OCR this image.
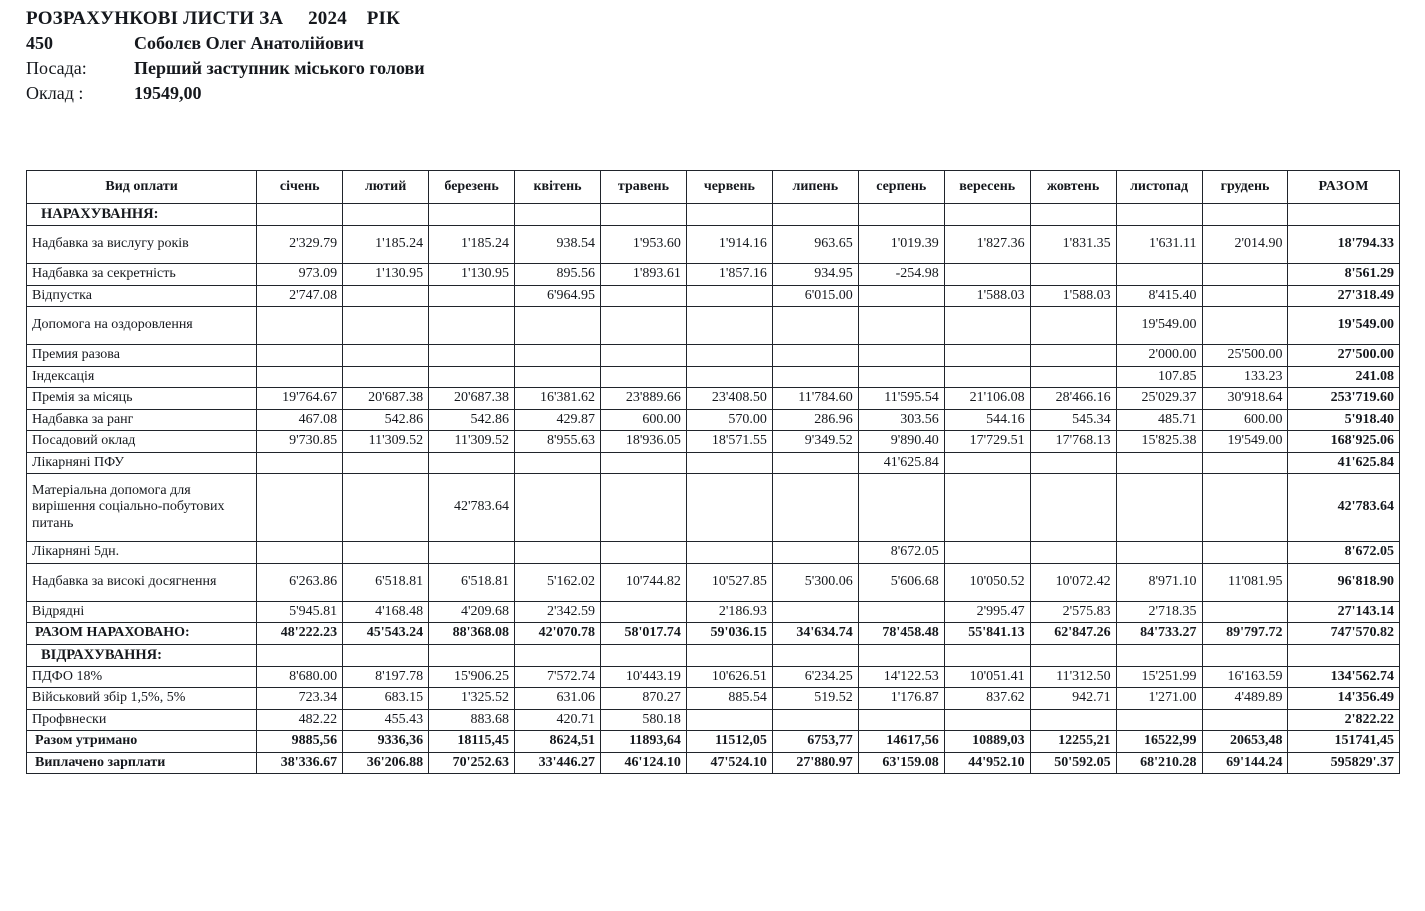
РОЗРАХУНКОВІ ЛИСТИ ЗА     2024    РІК
450	Соболєв Олег Анатолійович
Посада:	Перший заступник міського голови
Оклад :	19549,00
Вид оплати	січень	лютий	березень	квітень	травень	червень	липень	серпень	вересень	жовтень	листопад	грудень	РАЗОМ
НАРАХУВАННЯ:													
Надбавка за вислугу років	2'329.79	1'185.24	1'185.24	938.54	1'953.60	1'914.16	963.65	1'019.39	1'827.36	1'831.35	1'631.11	2'014.90	18'794.33
Надбавка за секретність	973.09	1'130.95	1'130.95	895.56	1'893.61	1'857.16	934.95	-254.98					8'561.29
Відпустка	2'747.08			6'964.95			6'015.00		1'588.03	1'588.03	8'415.40		27'318.49
Допомога на оздоровлення											19'549.00		19'549.00
Премия разова											2'000.00	25'500.00	27'500.00
Індексація											107.85	133.23	241.08
Премія за місяць	19'764.67	20'687.38	20'687.38	16'381.62	23'889.66	23'408.50	11'784.60	11'595.54	21'106.08	28'466.16	25'029.37	30'918.64	253'719.60
Надбавка за ранг	467.08	542.86	542.86	429.87	600.00	570.00	286.96	303.56	544.16	545.34	485.71	600.00	5'918.40
Посадовий оклад	9'730.85	11'309.52	11'309.52	8'955.63	18'936.05	18'571.55	9'349.52	9'890.40	17'729.51	17'768.13	15'825.38	19'549.00	168'925.06
Лікарняні ПФУ								41'625.84					41'625.84
Матеріальна допомога для вирішення соціально-побутових питань			42'783.64										42'783.64
Лікарняні 5дн.								8'672.05					8'672.05
Надбавка за високі досягнення	6'263.86	6'518.81	6'518.81	5'162.02	10'744.82	10'527.85	5'300.06	5'606.68	10'050.52	10'072.42	8'971.10	11'081.95	96'818.90
Відрядні	5'945.81	4'168.48	4'209.68	2'342.59		2'186.93			2'995.47	2'575.83	2'718.35		27'143.14
РАЗОМ НАРАХОВАНО:	48'222.23	45'543.24	88'368.08	42'070.78	58'017.74	59'036.15	34'634.74	78'458.48	55'841.13	62'847.26	84'733.27	89'797.72	747'570.82
ВІДРАХУВАННЯ:													
ПДФО 18%	8'680.00	8'197.78	15'906.25	7'572.74	10'443.19	10'626.51	6'234.25	14'122.53	10'051.41	11'312.50	15'251.99	16'163.59	134'562.74
Військовий збір 1,5%, 5%	723.34	683.15	1'325.52	631.06	870.27	885.54	519.52	1'176.87	837.62	942.71	1'271.00	4'489.89	14'356.49
Профвнески	482.22	455.43	883.68	420.71	580.18								2'822.22
Разом утримано	9885,56	9336,36	18115,45	8624,51	11893,64	11512,05	6753,77	14617,56	10889,03	12255,21	16522,99	20653,48	151741,45
Виплачено зарплати	38'336.67	36'206.88	70'252.63	33'446.27	46'124.10	47'524.10	27'880.97	63'159.08	44'952.10	50'592.05	68'210.28	69'144.24	595829'.37
